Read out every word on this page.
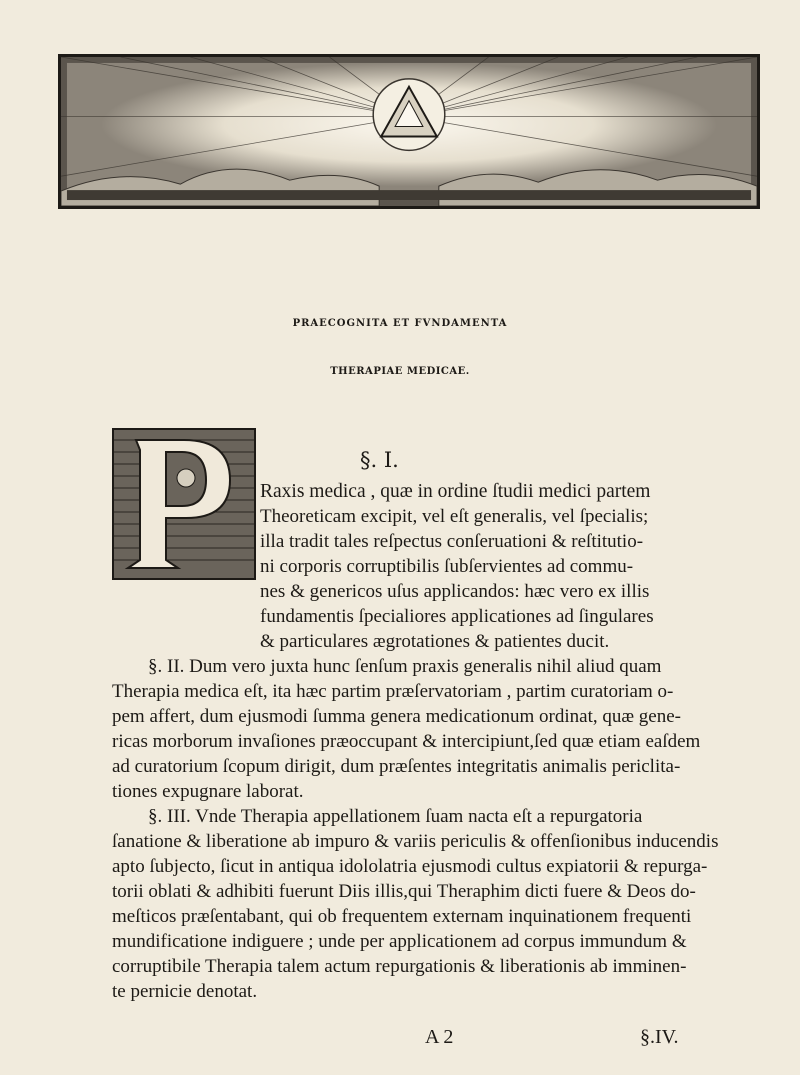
PRAECOGNITA ET FVNDAMENTA
THERAPIAE MEDICAE.
§. I.
Raxis medica , quæ in ordine ſtudii medici partem
Theoreticam excipit, vel eſt generalis, vel ſpecialis;
illa tradit tales reſpectus conſeruationi & reſtitutio-
ni corporis corruptibilis ſubſervientes ad commu-
nes & genericos uſus applicandos: hæc vero ex illis
fundamentis ſpecialiores applicationes ad ſingulares
& particulares ægrotationes & patientes ducit.
§. II. Dum vero juxta hunc ſenſum praxis generalis nihil aliud quam
Therapia medica eſt, ita hæc partim præſervatoriam , partim curatoriam o-
pem affert, dum ejusmodi ſumma genera medicationum ordinat, quæ gene-
ricas morborum invaſiones præoccupant & intercipiunt,ſed quæ etiam eaſdem
ad curatorium ſcopum dirigit, dum præſentes integritatis animalis periclita-
tiones expugnare laborat.
§. III. Vnde Therapia appellationem ſuam nacta eſt a repurgatoria
ſanatione & liberatione ab impuro & variis periculis & offenſionibus inducendis
apto ſubjecto, ſicut in antiqua idololatria ejusmodi cultus expiatorii & repurga-
torii oblati & adhibiti fuerunt Diis illis,qui Theraphim dicti fuere & Deos do-
meſticos præſentabant, qui ob frequentem externam inquinationem frequenti
mundificatione indiguere ; unde per applicationem ad corpus immundum &
corruptibile Therapia talem actum repurgationis & liberationis ab imminen-
te pernicie denotat.
A 2	§.IV.
